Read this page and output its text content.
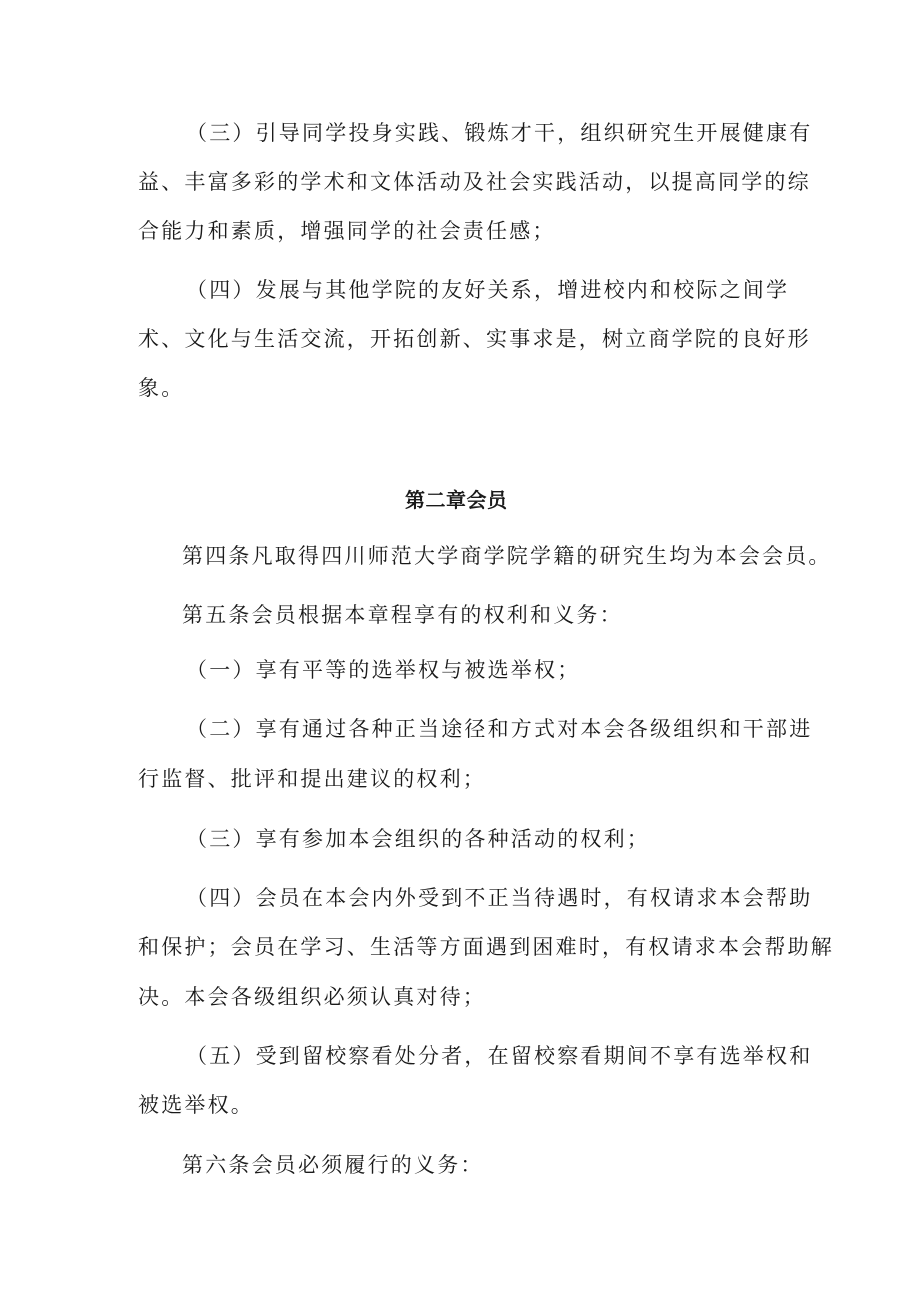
（三）引导同学投身实践、锻炼才干，组织研究生开展健康有
益、丰富多彩的学术和文体活动及社会实践活动，以提高同学的综
合能力和素质，增强同学的社会责任感；
（四）发展与其他学院的友好关系，增进校内和校际之间学
术、文化与生活交流，开拓创新、实事求是，树立商学院的良好形
象。
第二章会员
第四条凡取得四川师范大学商学院学籍的研究生均为本会会员。
第五条会员根据本章程享有的权利和义务：
（一）享有平等的选举权与被选举权；
（二）享有通过各种正当途径和方式对本会各级组织和干部进
行监督、批评和提出建议的权利；
（三）享有参加本会组织的各种活动的权利；
（四）会员在本会内外受到不正当待遇时，有权请求本会帮助
和保护；会员在学习、生活等方面遇到困难时，有权请求本会帮助解
决。本会各级组织必须认真对待；
（五）受到留校察看处分者，在留校察看期间不享有选举权和
被选举权。
第六条会员必须履行的义务：
